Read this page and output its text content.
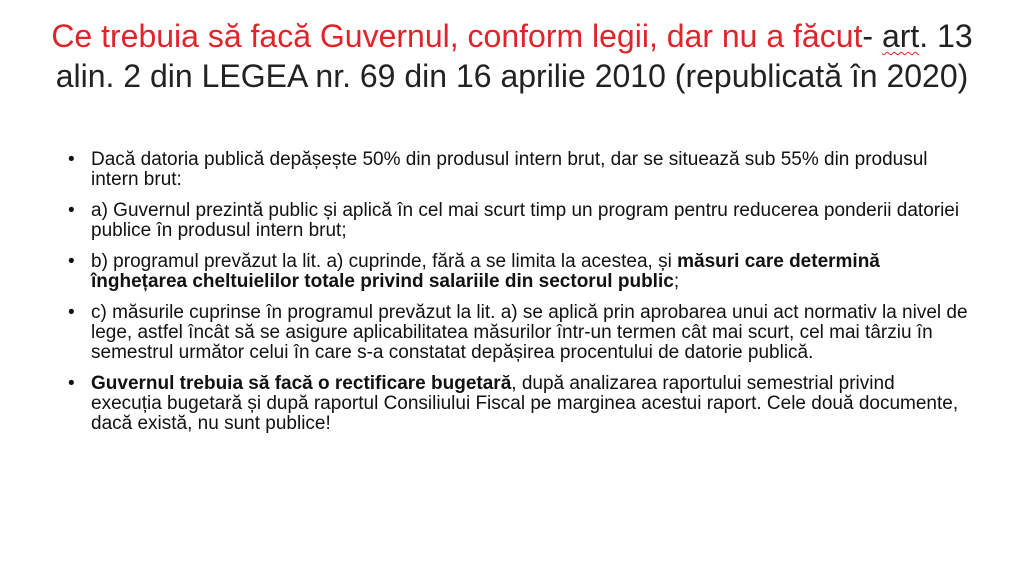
Ce trebuia să facă Guvernul, conform legii, dar nu a făcut- art. 13 alin. 2 din LEGEA nr. 69 din 16 aprilie 2010 (republicată în 2020)
• Dacă datoria publică depășește 50% din produsul intern brut, dar se situează sub 55% din produsul intern brut:
• a) Guvernul prezintă public și aplică în cel mai scurt timp un program pentru reducerea ponderii datoriei publice în produsul intern brut;
• b) programul prevăzut la lit. a) cuprinde, fără a se limita la acestea, și măsuri care determină înghețarea cheltuielilor totale privind salariile din sectorul public;
• c) măsurile cuprinse în programul prevăzut la lit. a) se aplică prin aprobarea unui act normativ la nivel de lege, astfel încât să se asigure aplicabilitatea măsurilor într-un termen cât mai scurt, cel mai târziu în semestrul următor celui în care s-a constatat depășirea procentului de datorie publică.
• Guvernul trebuia să facă o rectificare bugetară, după analizarea raportului semestrial privind execuția bugetară și după raportul Consiliului Fiscal pe marginea acestui raport. Cele două documente, dacă există, nu sunt publice!
